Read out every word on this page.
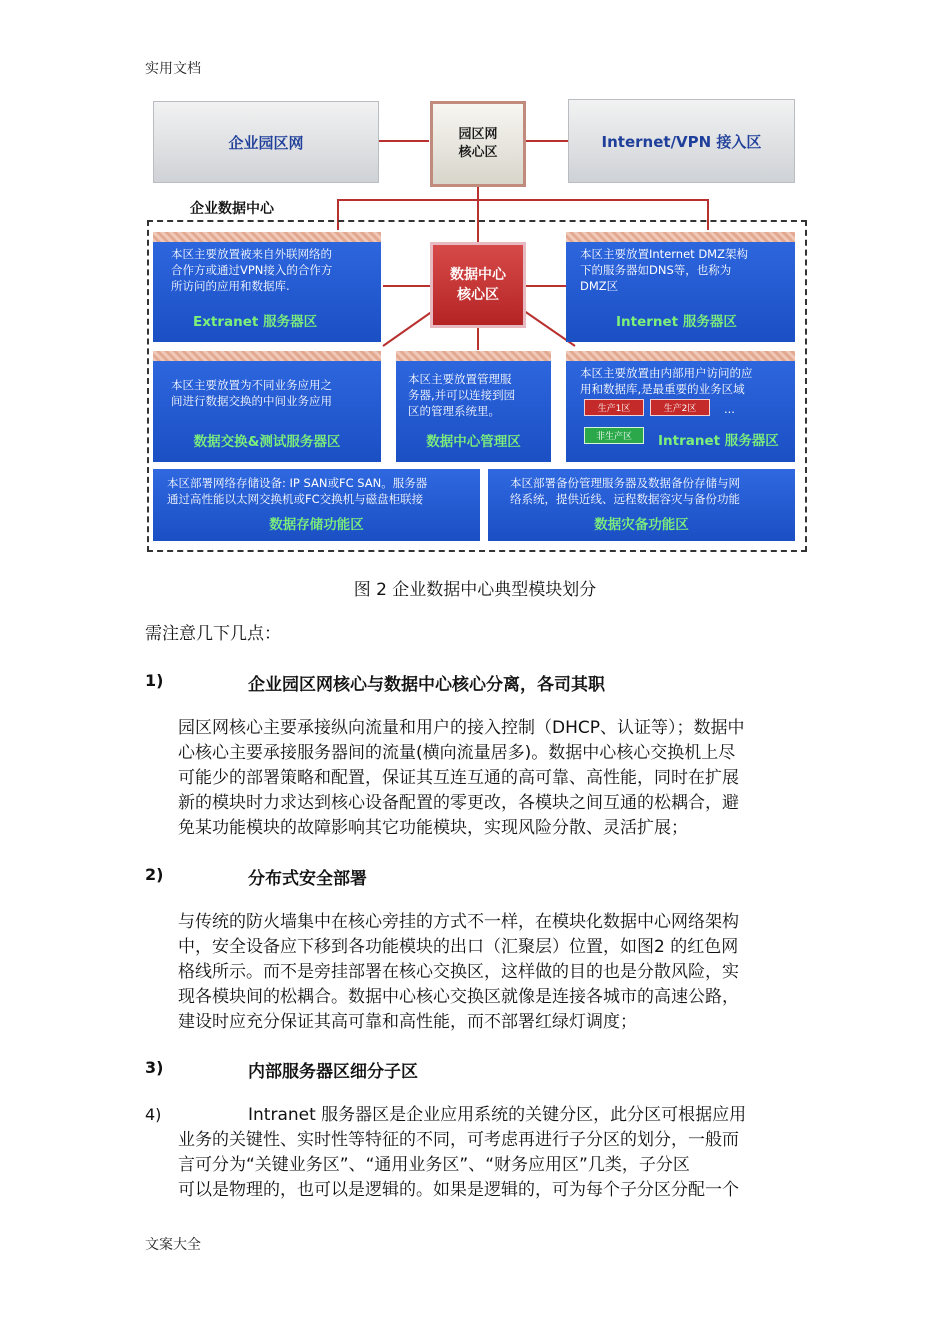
实用文档
企业园区网	园区网
核心区
Internet/VPN 接入区
企业数据中心
数据中心
核心区
本区主要放置被来自外联网络的
合作方或通过VPN接入的合作方
所访问的应用和数据库.
Extranet 服务器区
本区主要放置Internet DMZ架构
下的服务器如DNS等，也称为
DMZ区
Internet 服务器区
本区主要放置为不同业务应用之
间进行数据交换的中间业务应用
数据交换&测试服务器区
本区主要放置管理服
务器,并可以连接到园
区的管理系统里。
数据中心管理区
本区主要放置由内部用户访问的应
用和数据库,是最重要的业务区域
生产1区	生产2区	...
非生产区	Intranet 服务器区
本区部署网络存储设备: IP SAN或FC SAN。服务器
通过高性能以太网交换机或FC交换机与磁盘柜联接
数据存储功能区
本区部署备份管理服务器及数据备份存储与网
络系统，提供近线、远程数据容灾与备份功能
数据灾备功能区
图 2 企业数据中心典型模块划分
需注意几下几点：
1)	企业园区网核心与数据中心核心分离，各司其职
园区网核心主要承接纵向流量和用户的接入控制（DHCP、认证等）；数据中
心核心主要承接服务器间的流量(横向流量居多)。数据中心核心交换机上尽
可能少的部署策略和配置，保证其互连互通的高可靠、高性能，同时在扩展
新的模块时力求达到核心设备配置的零更改，各模块之间互通的松耦合，避
免某功能模块的故障影响其它功能模块，实现风险分散、灵活扩展；
2)	分布式安全部署
与传统的防火墙集中在核心旁挂的方式不一样，在模块化数据中心网络架构
中，安全设备应下移到各功能模块的出口（汇聚层）位置，如图2 的红色网
格线所示。而不是旁挂部署在核心交换区，这样做的目的也是分散风险，实
现各模块间的松耦合。数据中心核心交换区就像是连接各城市的高速公路，
建设时应充分保证其高可靠和高性能，而不部署红绿灯调度；
3)	内部服务器区细分子区
4)	Intranet 服务器区是企业应用系统的关键分区，此分区可根据应用
业务的关键性、实时性等特征的不同，可考虑再进行子分区的划分，一般而
言可分为“关键业务区”、“通用业务区”、“财务应用区”几类，子分区
可以是物理的，也可以是逻辑的。如果是逻辑的，可为每个子分区分配一个
文案大全
